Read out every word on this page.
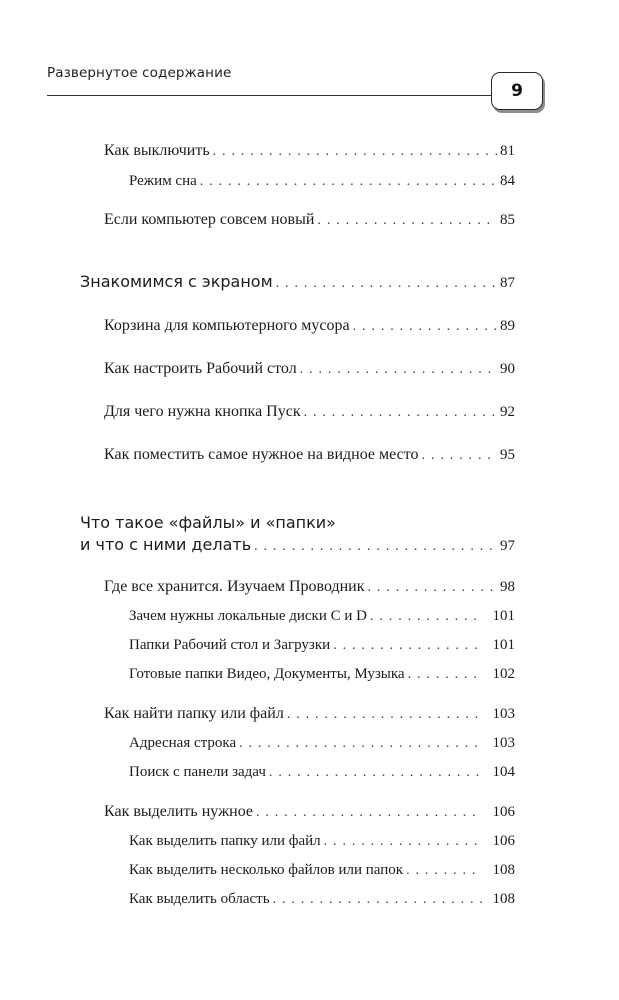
Развернутое содержание
9
Как выключить . . .	81
Режим сна . . .	84
Если компьютер совсем новый . . .	85
Знакомимся с экраном . . .	87
Корзина для компьютерного мусора . . .	89
Как настроить Рабочий стол . . .	90
Для чего нужна кнопка Пуск . . .	92
Как поместить самое нужное на видное место . . .	95
Что такое «файлы» и «папки»
и что с ними делать . . .	97
Где все хранится. Изучаем Проводник . . .	98
Зачем нужны локальные диски C и D . . .	101
Папки Рабочий стол и Загрузки . . .	101
Готовые папки Видео, Документы, Музыка . . .	102
Как найти папку или файл . . .	103
Адресная строка . . .	103
Поиск с панели задач . . .	104
Как выделить нужное . . .	106
Как выделить папку или файл . . .	106
Как выделить несколько файлов или папок . . .	108
Как выделить область . . .	108
